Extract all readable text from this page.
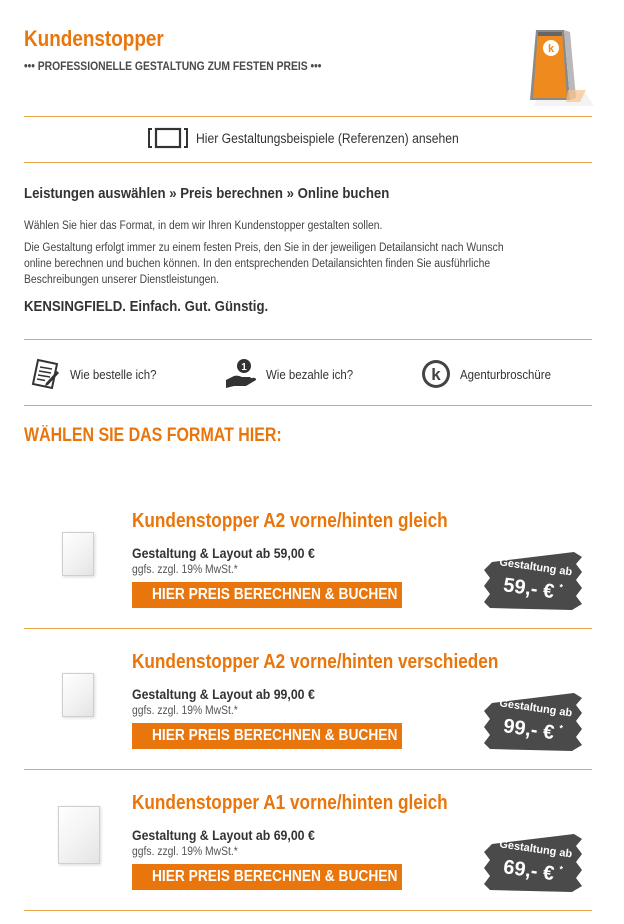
Kundenstopper
••• PROFESSIONELLE GESTALTUNG ZUM FESTEN PREIS •••
k
Hier Gestaltungsbeispiele (Referenzen) ansehen
Leistungen auswählen » Preis berechnen » Online buchen
Wählen Sie hier das Format, in dem wir Ihren Kundenstopper gestalten sollen.
Die Gestaltung erfolgt immer zu einem festen Preis, den Sie in der jeweiligen Detailansicht nach Wunsch
online berechnen und buchen können. In den entsprechenden Detailansichten finden Sie ausführliche
Beschreibungen unserer Dienstleistungen.
KENSINGFIELD. Einfach. Gut. Günstig.
Wie bestelle ich?	1 Wie bezahle ich?	k Agenturbroschüre
WÄHLEN SIE DAS FORMAT HIER:
Kundenstopper A2 vorne/hinten gleich
Gestaltung & Layout ab 59,00 €
ggfs. zzgl. 19% MwSt.*
HIER PREIS BERECHNEN & BUCHEN
Gestaltung ab
59,- € *
Kundenstopper A2 vorne/hinten verschieden
Gestaltung & Layout ab 99,00 €
ggfs. zzgl. 19% MwSt.*
HIER PREIS BERECHNEN & BUCHEN
Gestaltung ab
99,- € *
Kundenstopper A1 vorne/hinten gleich
Gestaltung & Layout ab 69,00 €
ggfs. zzgl. 19% MwSt.*
HIER PREIS BERECHNEN & BUCHEN
Gestaltung ab
69,- € *
